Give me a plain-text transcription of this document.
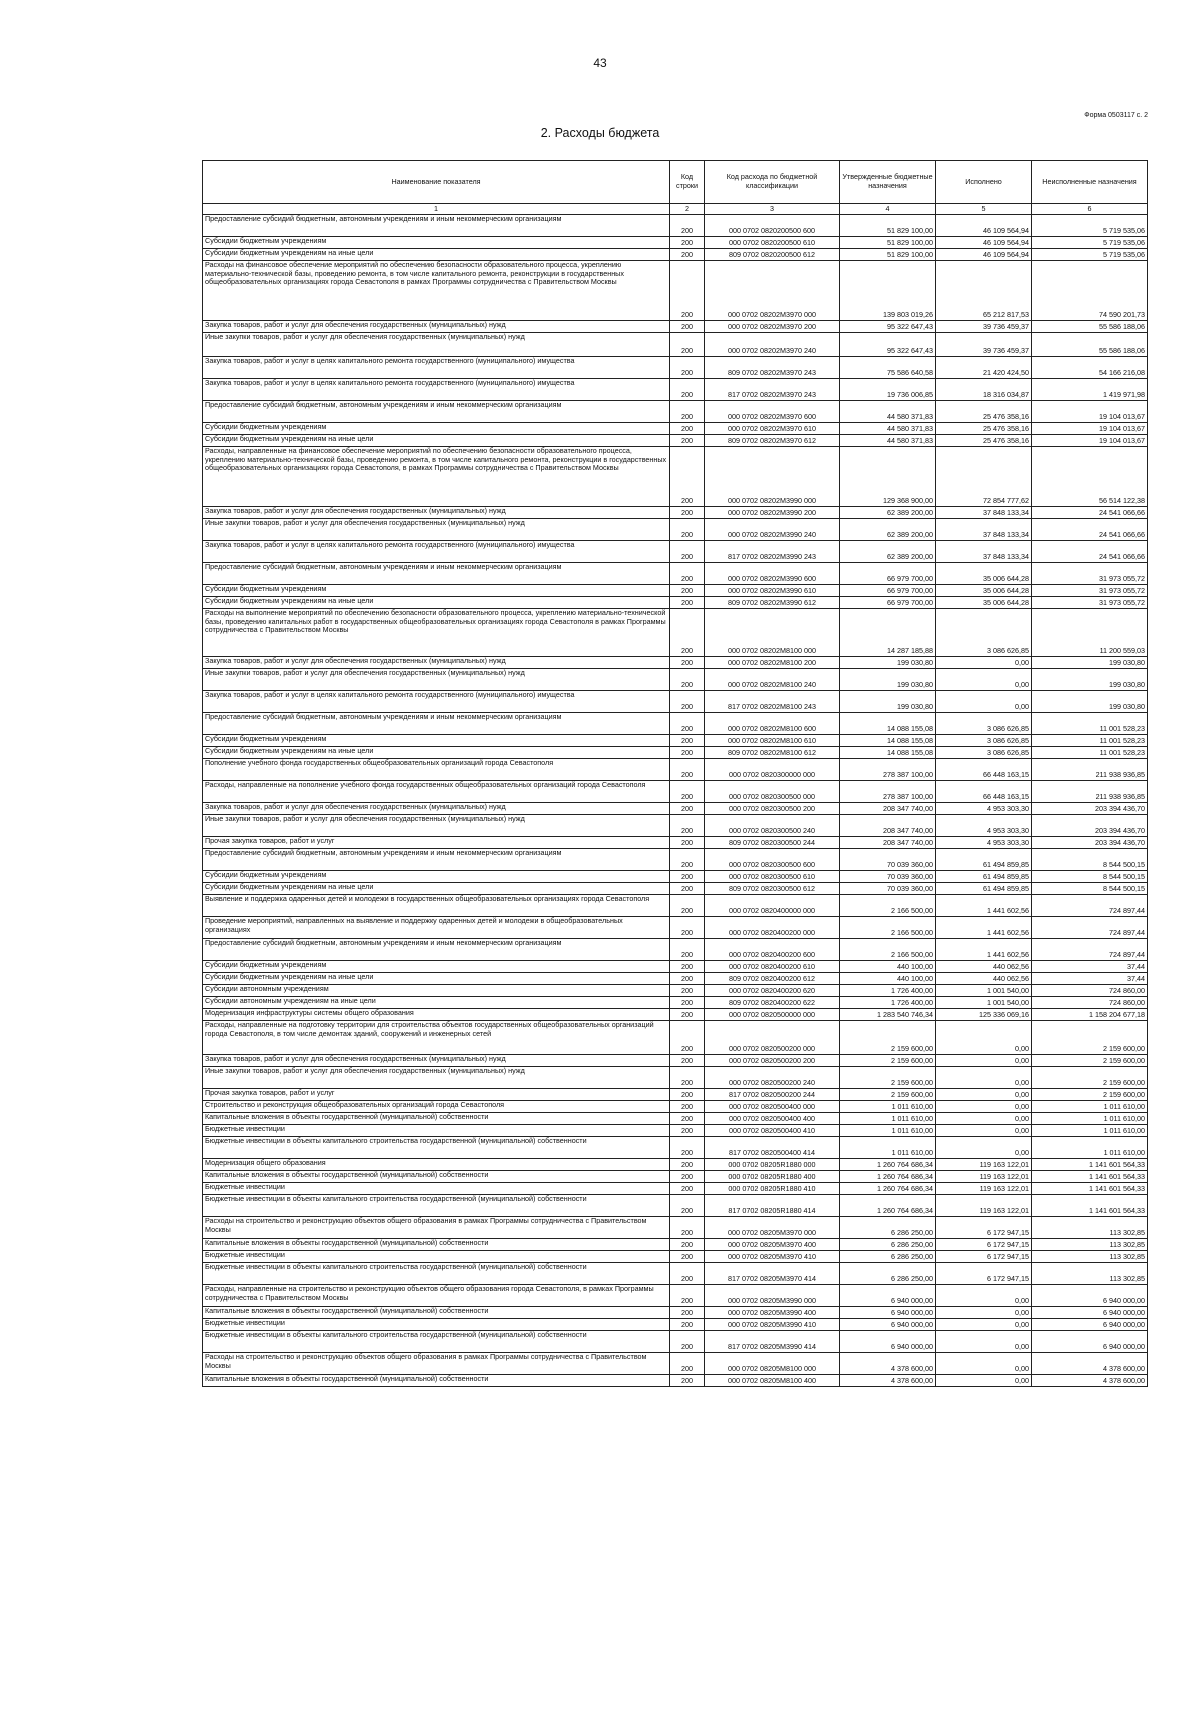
43
Форма 0503117 с. 2
2. Расходы бюджета
Наименование показателя	Код строки	Код расхода по бюджетной классификации	Утвержденные бюджетные назначения	Исполнено	Неисполненные назначения
1	2	3	4	5	6
Предоставление субсидий бюджетным, автономным учреждениям и иным некоммерческим организациям	200	000 0702 0820200500 600	51 829 100,00	46 109 564,94	5 719 535,06
Субсидии бюджетным учреждениям	200	000 0702 0820200500 610	51 829 100,00	46 109 564,94	5 719 535,06
Субсидии бюджетным учреждениям на иные цели	200	809 0702 0820200500 612	51 829 100,00	46 109 564,94	5 719 535,06
Расходы на финансовое обеспечение мероприятий по обеспечению безопасности образовательного процесса, укреплению материально-технической базы, проведению ремонта, в том числе капитального ремонта, реконструкции в государственных общеобразовательных организациях города Севастополя в рамках Программы сотрудничества с Правительством Москвы	200	000 0702 08202M3970 000	139 803 019,26	65 212 817,53	74 590 201,73
Закупка товаров, работ и услуг для обеспечения государственных (муниципальных) нужд	200	000 0702 08202M3970 200	95 322 647,43	39 736 459,37	55 586 188,06
Иные закупки товаров, работ и услуг для обеспечения государственных (муниципальных) нужд	200	000 0702 08202M3970 240	95 322 647,43	39 736 459,37	55 586 188,06
Закупка товаров, работ и услуг в целях капитального ремонта государственного (муниципального) имущества	200	809 0702 08202M3970 243	75 586 640,58	21 420 424,50	54 166 216,08
Закупка товаров, работ и услуг в целях капитального ремонта государственного (муниципального) имущества	200	817 0702 08202M3970 243	19 736 006,85	18 316 034,87	1 419 971,98
Предоставление субсидий бюджетным, автономным учреждениям и иным некоммерческим организациям	200	000 0702 08202M3970 600	44 580 371,83	25 476 358,16	19 104 013,67
Субсидии бюджетным учреждениям	200	000 0702 08202M3970 610	44 580 371,83	25 476 358,16	19 104 013,67
Субсидии бюджетным учреждениям на иные цели	200	809 0702 08202M3970 612	44 580 371,83	25 476 358,16	19 104 013,67
Расходы, направленные на финансовое обеспечение мероприятий по обеспечению безопасности образовательного процесса, укреплению материально-технической базы, проведению ремонта, в том числе капитального ремонта, реконструкции в государственных общеобразовательных организациях города Севастополя, в рамках Программы сотрудничества с Правительством Москвы	200	000 0702 08202M3990 000	129 368 900,00	72 854 777,62	56 514 122,38
Закупка товаров, работ и услуг для обеспечения государственных (муниципальных) нужд	200	000 0702 08202M3990 200	62 389 200,00	37 848 133,34	24 541 066,66
Иные закупки товаров, работ и услуг для обеспечения государственных (муниципальных) нужд	200	000 0702 08202M3990 240	62 389 200,00	37 848 133,34	24 541 066,66
Закупка товаров, работ и услуг в целях капитального ремонта государственного (муниципального) имущества	200	817 0702 08202M3990 243	62 389 200,00	37 848 133,34	24 541 066,66
Предоставление субсидий бюджетным, автономным учреждениям и иным некоммерческим организациям	200	000 0702 08202M3990 600	66 979 700,00	35 006 644,28	31 973 055,72
Субсидии бюджетным учреждениям	200	000 0702 08202M3990 610	66 979 700,00	35 006 644,28	31 973 055,72
Субсидии бюджетным учреждениям на иные цели	200	809 0702 08202M3990 612	66 979 700,00	35 006 644,28	31 973 055,72
Расходы на выполнение мероприятий по обеспечению безопасности образовательного процесса, укреплению материально-технической базы, проведению капитальных работ в государственных общеобразовательных организациях города Севастополя в рамках Программы сотрудничества с Правительством Москвы	200	000 0702 08202M8100 000	14 287 185,88	3 086 626,85	11 200 559,03
Закупка товаров, работ и услуг для обеспечения государственных (муниципальных) нужд	200	000 0702 08202M8100 200	199 030,80	0,00	199 030,80
Иные закупки товаров, работ и услуг для обеспечения государственных (муниципальных) нужд	200	000 0702 08202M8100 240	199 030,80	0,00	199 030,80
Закупка товаров, работ и услуг в целях капитального ремонта государственного (муниципального) имущества	200	817 0702 08202M8100 243	199 030,80	0,00	199 030,80
Предоставление субсидий бюджетным, автономным учреждениям и иным некоммерческим организациям	200	000 0702 08202M8100 600	14 088 155,08	3 086 626,85	11 001 528,23
Субсидии бюджетным учреждениям	200	000 0702 08202M8100 610	14 088 155,08	3 086 626,85	11 001 528,23
Субсидии бюджетным учреждениям на иные цели	200	809 0702 08202M8100 612	14 088 155,08	3 086 626,85	11 001 528,23
Пополнение учебного фонда государственных общеобразовательных организаций города Севастополя	200	000 0702 0820300000 000	278 387 100,00	66 448 163,15	211 938 936,85
Расходы, направленные на пополнение учебного фонда государственных общеобразовательных организаций города Севастополя	200	000 0702 0820300500 000	278 387 100,00	66 448 163,15	211 938 936,85
Закупка товаров, работ и услуг для обеспечения государственных (муниципальных) нужд	200	000 0702 0820300500 200	208 347 740,00	4 953 303,30	203 394 436,70
Иные закупки товаров, работ и услуг для обеспечения государственных (муниципальных) нужд	200	000 0702 0820300500 240	208 347 740,00	4 953 303,30	203 394 436,70
Прочая закупка товаров, работ и услуг	200	809 0702 0820300500 244	208 347 740,00	4 953 303,30	203 394 436,70
Предоставление субсидий бюджетным, автономным учреждениям и иным некоммерческим организациям	200	000 0702 0820300500 600	70 039 360,00	61 494 859,85	8 544 500,15
Субсидии бюджетным учреждениям	200	000 0702 0820300500 610	70 039 360,00	61 494 859,85	8 544 500,15
Субсидии бюджетным учреждениям на иные цели	200	809 0702 0820300500 612	70 039 360,00	61 494 859,85	8 544 500,15
Выявление и поддержка одаренных детей и молодежи в государственных общеобразовательных организациях города Севастополя	200	000 0702 0820400000 000	2 166 500,00	1 441 602,56	724 897,44
Проведение мероприятий, направленных на выявление и поддержку одаренных детей и молодежи в общеобразовательных организациях	200	000 0702 0820400200 000	2 166 500,00	1 441 602,56	724 897,44
Предоставление субсидий бюджетным, автономным учреждениям и иным некоммерческим организациям	200	000 0702 0820400200 600	2 166 500,00	1 441 602,56	724 897,44
Субсидии бюджетным учреждениям	200	000 0702 0820400200 610	440 100,00	440 062,56	37,44
Субсидии бюджетным учреждениям на иные цели	200	809 0702 0820400200 612	440 100,00	440 062,56	37,44
Субсидии автономным учреждениям	200	000 0702 0820400200 620	1 726 400,00	1 001 540,00	724 860,00
Субсидии автономным учреждениям на иные цели	200	809 0702 0820400200 622	1 726 400,00	1 001 540,00	724 860,00
Модернизация инфраструктуры системы общего образования	200	000 0702 0820500000 000	1 283 540 746,34	125 336 069,16	1 158 204 677,18
Расходы, направленные на подготовку территории для строительства объектов государственных общеобразовательных организаций города Севастополя, в том числе демонтаж зданий, сооружений и инженерных сетей	200	000 0702 0820500200 000	2 159 600,00	0,00	2 159 600,00
Закупка товаров, работ и услуг для обеспечения государственных (муниципальных) нужд	200	000 0702 0820500200 200	2 159 600,00	0,00	2 159 600,00
Иные закупки товаров, работ и услуг для обеспечения государственных (муниципальных) нужд	200	000 0702 0820500200 240	2 159 600,00	0,00	2 159 600,00
Прочая закупка товаров, работ и услуг	200	817 0702 0820500200 244	2 159 600,00	0,00	2 159 600,00
Строительство и реконструкция общеобразовательных организаций города Севастополя	200	000 0702 0820500400 000	1 011 610,00	0,00	1 011 610,00
Капитальные вложения в объекты государственной (муниципальной) собственности	200	000 0702 0820500400 400	1 011 610,00	0,00	1 011 610,00
Бюджетные инвестиции	200	000 0702 0820500400 410	1 011 610,00	0,00	1 011 610,00
Бюджетные инвестиции в объекты капитального строительства государственной (муниципальной) собственности	200	817 0702 0820500400 414	1 011 610,00	0,00	1 011 610,00
Модернизация общего образования	200	000 0702 08205R1880 000	1 260 764 686,34	119 163 122,01	1 141 601 564,33
Капитальные вложения в объекты государственной (муниципальной) собственности	200	000 0702 08205R1880 400	1 260 764 686,34	119 163 122,01	1 141 601 564,33
Бюджетные инвестиции	200	000 0702 08205R1880 410	1 260 764 686,34	119 163 122,01	1 141 601 564,33
Бюджетные инвестиции в объекты капитального строительства государственной (муниципальной) собственности	200	817 0702 08205R1880 414	1 260 764 686,34	119 163 122,01	1 141 601 564,33
Расходы на строительство и реконструкцию объектов общего образования в рамках Программы сотрудничества с Правительством Москвы	200	000 0702 08205M3970 000	6 286 250,00	6 172 947,15	113 302,85
Капитальные вложения в объекты государственной (муниципальной) собственности	200	000 0702 08205M3970 400	6 286 250,00	6 172 947,15	113 302,85
Бюджетные инвестиции	200	000 0702 08205M3970 410	6 286 250,00	6 172 947,15	113 302,85
Бюджетные инвестиции в объекты капитального строительства государственной (муниципальной) собственности	200	817 0702 08205M3970 414	6 286 250,00	6 172 947,15	113 302,85
Расходы, направленные на строительство и реконструкцию объектов общего образования города Севастополя, в рамках Программы сотрудничества с Правительством Москвы	200	000 0702 08205M3990 000	6 940 000,00	0,00	6 940 000,00
Капитальные вложения в объекты государственной (муниципальной) собственности	200	000 0702 08205M3990 400	6 940 000,00	0,00	6 940 000,00
Бюджетные инвестиции	200	000 0702 08205M3990 410	6 940 000,00	0,00	6 940 000,00
Бюджетные инвестиции в объекты капитального строительства государственной (муниципальной) собственности	200	817 0702 08205M3990 414	6 940 000,00	0,00	6 940 000,00
Расходы на строительство и реконструкцию объектов общего образования в рамках Программы сотрудничества с Правительством Москвы	200	000 0702 08205M8100 000	4 378 600,00	0,00	4 378 600,00
Капитальные вложения в объекты государственной (муниципальной) собственности	200	000 0702 08205M8100 400	4 378 600,00	0,00	4 378 600,00
